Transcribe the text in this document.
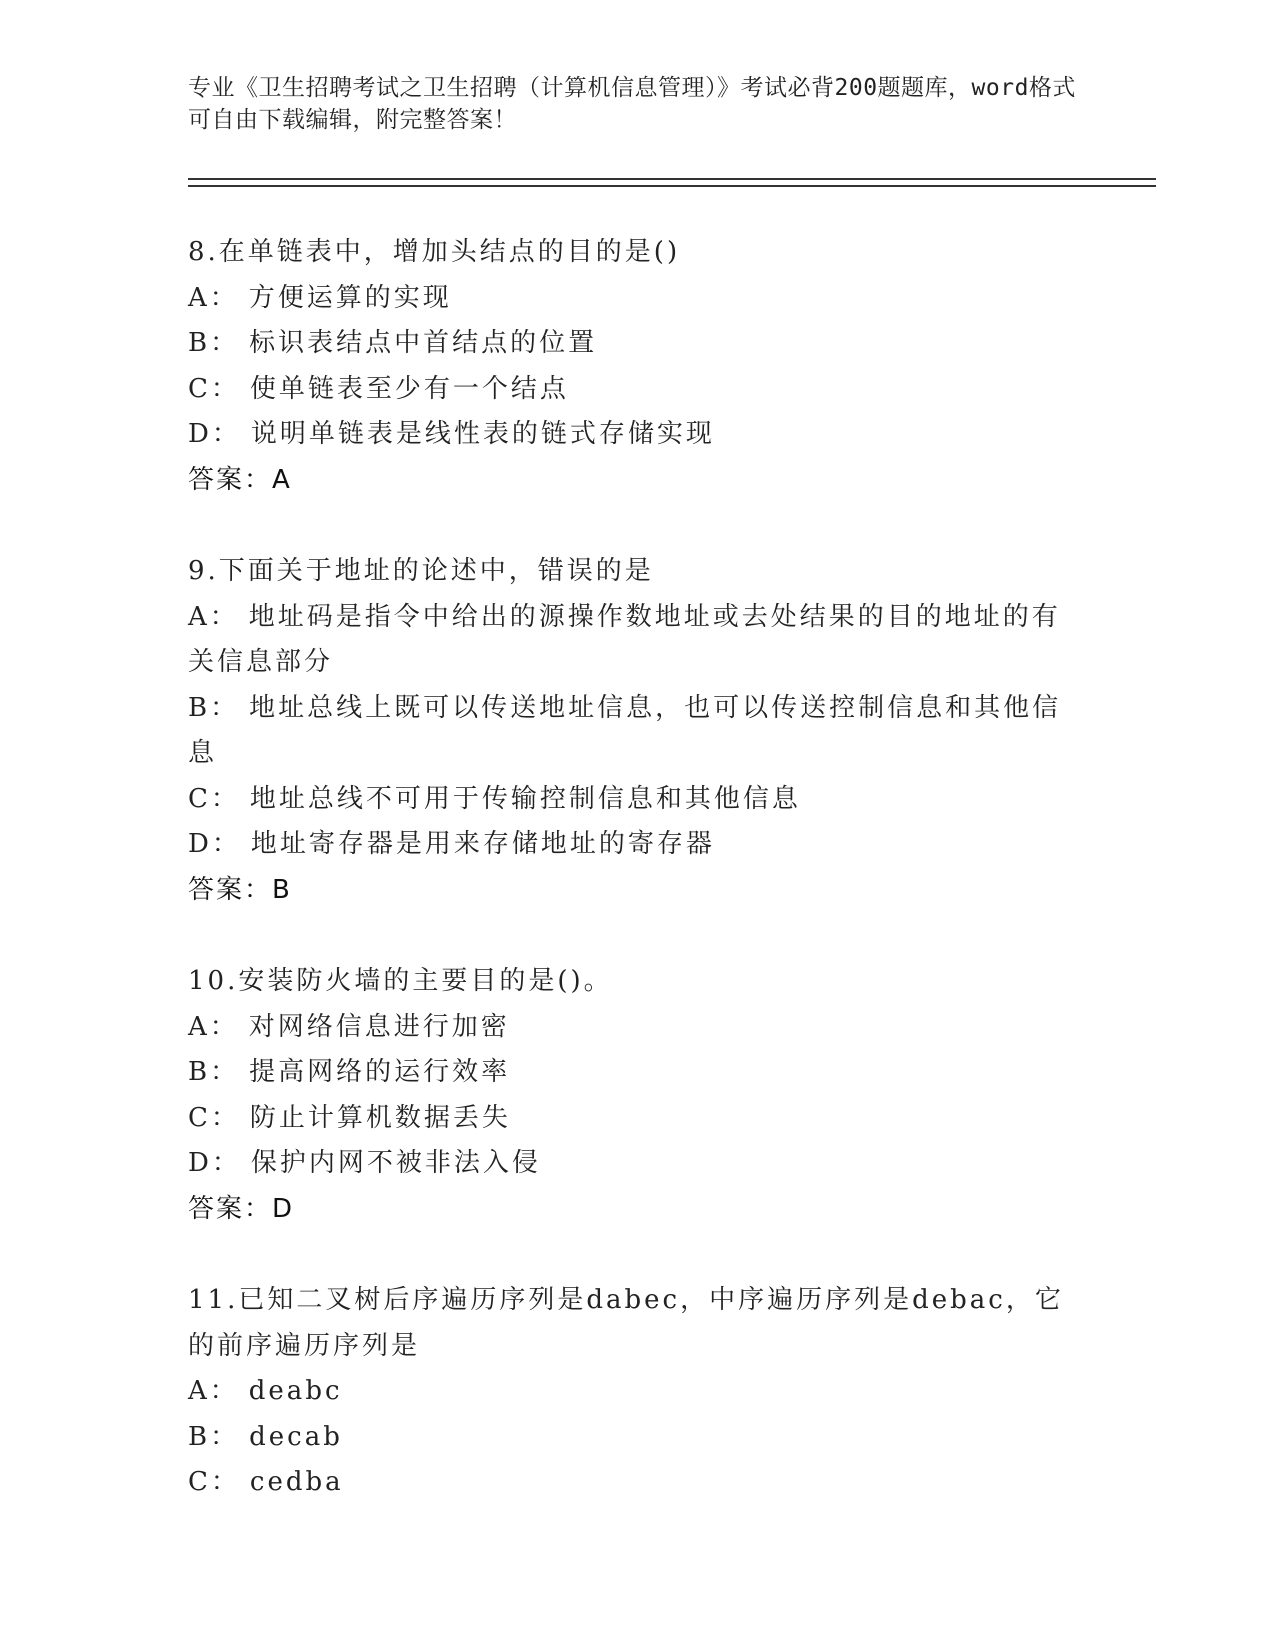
专业《卫生招聘考试之卫生招聘（计算机信息管理）》考试必背200题题库，word格式可自由下载编辑，附完整答案！
8.在单链表中，增加头结点的目的是()
A： 方便运算的实现
B： 标识表结点中首结点的位置
C： 使单链表至少有一个结点
D： 说明单链表是线性表的链式存储实现
答案：A
9.下面关于地址的论述中，错误的是
A： 地址码是指令中给出的源操作数地址或去处结果的目的地址的有关信息部分
B： 地址总线上既可以传送地址信息，也可以传送控制信息和其他信息
C： 地址总线不可用于传输控制信息和其他信息
D： 地址寄存器是用来存储地址的寄存器
答案：B
10.安装防火墙的主要目的是()。
A： 对网络信息进行加密
B： 提高网络的运行效率
C： 防止计算机数据丢失
D： 保护内网不被非法入侵
答案：D
11.已知二叉树后序遍历序列是dabec，中序遍历序列是debac，它的前序遍历序列是
A： deabc
B： decab
C： cedba
